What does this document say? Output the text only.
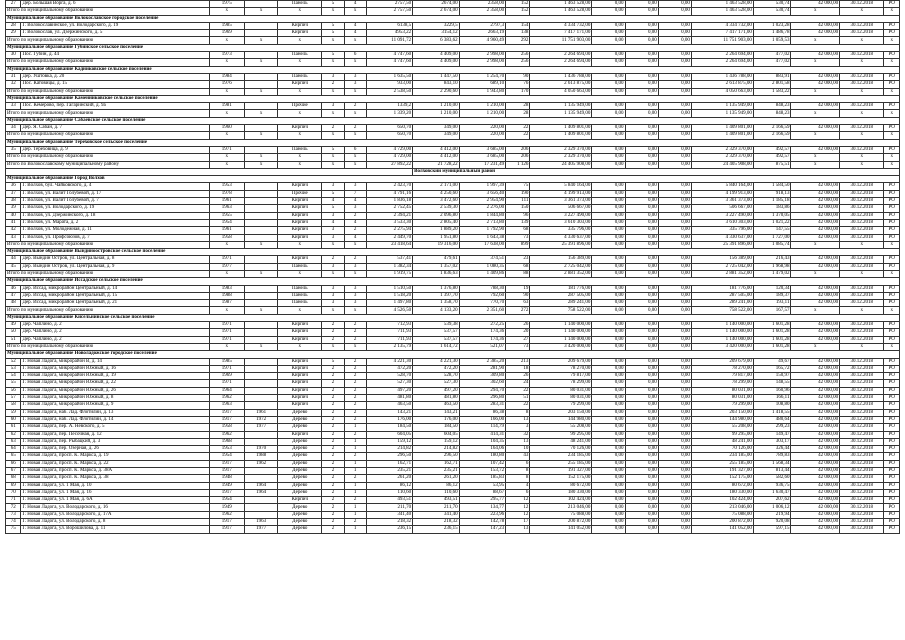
27	Дер. Большая Ворга, д. 6	1975		Панель	5	4	2757,50	2674,00	2358,00	152	1 463 528,00	0,00	0,00	0,00	1 463 528,00	530,74	42 000,00	30.12.2018	РО
Итого по муниципальному образованию		x	x	x	x	x	2 757,50	2 674,00	2 358,00	152	1 463 528,00	0,00	0,00	0,00	1 463 528,00	530,74	x	x	x
Муниципальное образование Волокославское городское поселение																			
28	Г. Волокославинское, ул. Володарского, д. 19	1985		Кирпич	5	4	6138,5	3229,5	2797,3	154	4 334 732,00	0,00	0,00	0,00	4 334 732,00	1 023,28	42 000,00	30.12.2018	РО
29	Г. Волокослав, ул. Дзержинского, д. 5	1969		Кирпич	5	4	4953,22	3154,12	2663,19	138	7 417 171,00	0,00	0,00	0,00	7 417 171,00	1 486,78	42 000,00	30.12.2018	РО
Итого по муниципальному образованию		x	x	x	x	x	11 091,72	6 383,62	4 960,49	292	11 751 903,00	0,00	0,00	0,00	11 751 903,00	1 059,53	x	x	x
Муниципальное образование Губинское сельское поселение																			
30	Пос. Губин, д. 44	1973		Панель	5	6	4 747,60	4 409,00	2 998,00	256	2 264 694,00	0,00	0,00	0,00	2 264 694,00	477,02	42 000,00	30.12.2018	РО
Итого по муниципальному образованию		x	x	x	x	x	4 747,60	4 409,00	2 998,00	256	2 264 694,00	0,00	0,00	0,00	2 264 694,00	477,02	x	x	x
Муниципальное образование Кадниковское сельское поселение																			
31	Дер. Уштовка, д. 20	1984		Панель	3	3	1 635,50	1 447,50	1 254,70	90	1 436 788,00	0,00	0,00	0,00	1 436 788,00	883,91	42 000,00	30.12.2018	РО
32	Пос. Катовицы, д. 15	1976		Кирпич	2	3	933,00	843,10	689,10	76	2 613 875,00	0,00	0,00	0,00	2 613 875,00	2 801,58	42 000,00	30.12.2018	РО
Итого по муниципальному образованию		x	x	x	x	x	2 538,50	2 290,60	1 943,80	170	4 050 663,00	0,00	0,00	0,00	4 050 663,00	1 583,22	x	x	x
Муниципальное образование Каменниковское сельское поселение																			
33	Пос. Кемерово, пер. Гагаринский, д. 9а	1981		Прочие	3	2	1339,2	1 210,00	1 210,00	28	1 135 949,00	0,00	0,00	0,00	1 135 949,00	848,23	42 000,00	30.12.2018	РО
Итого по муниципальному образованию		x	x	x	x	x	1 339,20	1 210,00	1 210,00	28	1 135 949,00	0,00	0,00	0,00	1 135 949,00	848,23	x	x	x
Муниципальное образование Сабаевское сельское поселение																			
34	Дер. Я. Сабан, д. 7	1960		Кирпич	2	2	650,70	349,00	220,00	22	1 409 801,00	0,00	0,00	0,00	1 409 801,00	2 166,59	42 000,00	30.12.2018	РО
Итого по муниципальному образованию		x	x	x	x	x	650,70	349,00	220,00	22	1 409 801,00	0,00	0,00	0,00	1 409 801,00	2 166,59	x	x	x
Муниципальное образование Тереховское сельское поселение																			
35	Дер. Тереховица, д. 9	1971		Панель	5	6	4 729,00	4 412,00	3 685,00	206	2 329 370,00	0,00	0,00	0,00	2 329 370,00	492,57	42 000,00	30.12.2018	РО
Итого по муниципальному образованию		x	x	x	x	x	4 729,00	4 412,00	3 685,00	206	2 329 370,00	0,00	0,00	0,00	2 329 370,00	492,57	x	x	x
Итого по Волокославскому муниципальному району		x	x	x	x	x	27 892,22	21 728,22	17 231,49	1 126	24 405 908,00	0,00	0,00	0,00	24 405 908,00	875,51	x	x	x
								Волховский муниципальный район											
Муниципальное образование Город Волхов																			
36	Г. Волхов, бул. Чайковского, д. 4	1953		Кирпич	3	3	2 423,70	2 171,00	1 997,39	75	5 840 164,00	0,00	0,00	0,00	5 840 164,00	1 584,50	42 000,00	30.12.2018	РО
37	Г. Волхов, ул. Валит Голубевой, д. 17	1978		Прочие	5	7	4 791,16	4 250,60	3 656,40	190	4 199 913,00	0,00	0,00	0,00	4 199 913,00	918,13	42 000,00	30.12.2018	РО
38	Г. Волхов, ул. Валит Голубевой, д. 7	1961		Кирпич	4	4	1 836,18	3 472,60	2 954,90	111	3 361 373,00	0,00	0,00	0,00	3 361 373,00	1 185,18	42 000,00	30.12.2018	РО
39	Г. Волхов, ул. Володарского, д. 19	1963		Кирпич	5	3	2 752,45	2 539,30	2 276,00	150	506 667,00	0,00	0,00	0,00	506 667,00	183,86	42 000,00	30.12.2018	РО
40	Г. Волхов, ул. Дзержинского, д. 18	1955		Кирпич	3	2	2 394,21	2 096,80	1 844,80	96	3 227 490,00	0,00	0,00	0,00	3 227 490,00	1 370,05	42 000,00	30.12.2018	РО
41	Г. Волхов, ул. Марата, д. 2	1954		Кирпич	4	4	3 533,30	2 805,40	2 713,80	139	3 610 303,00	0,00	0,00	0,00	3 610 303,00	1 021,22	42 000,00	30.12.2018	РО
42	Г. Волхов, ул. Молодежная, д. 11	1961		Кирпич	3	2	2 275,94	1 889,20	1 792,90	68	335 796,00	0,00	0,00	0,00	335 796,00	147,55	42 000,00	30.12.2018	РО
43	Г. Волхов, ул. Профсоюзов, д. 7	1958		Кирпич	3	4	2 449,70	1 951,80	1 643,38	73	4 330 637,00	0,00	0,00	0,00	4 330 637,00	1 727,00	42 000,00	30.12.2018	РО
Итого по муниципальному образованию		x	x	x	x	x	23 418,64	19 316,00	17 638,00	899	25 391 896,00	0,00	0,00	0,00	25 391 896,00	1 085,74	x	x	x
Муниципальное образование Вындиноостровское сельское поселение																			
44	Дер. Вындин Остров, ул. Центральная, д. 8	1971		Кирпич	2	2	537,41	479,61	374,51	23	156 389,00	0,00	0,00	0,00	156 389,00	216,43	42 000,00	30.12.2018	РО
45	Дер. Вындин Остров, ул. Центральная, д. 9	1977		Панель	3	3	1 382,34	1 357,02	1 080,35	68	2 725 042,00	0,00	0,00	0,00	2 725 042,00	1 968,98	42 000,00	30.12.2018	РО
Итого по муниципальному образованию		x	x	x	x	x	1 919,75	1 836,63	1 409,86	88	2 881 352,00	0,00	0,00	0,00	2 881 352,00	1 479,02	x	x	x
Муниципальное образование Иссадское сельское поселение																			
46	Дер. Иссад, микрорайон Центральный, д. 14	1983		Панель	3	3	1 510,50	1 376,80	788,30	19	181 776,00	0,00	0,00	0,00	181 776,00	120,34	42 000,00	30.12.2018	РО
47	Дер. Иссад, микрорайон Центральный, д. 15	1988		Панель	3	3	1 518,20	1 397,70	792,60	90	287 505,00	0,00	0,00	0,00	287 505,00	189,37	42 000,00	30.12.2018	РО
48	Дер. Иссад, микрорайон Центральный, д. 21	1987		Панель	3	3	1 497,80	1 358,70	770,70	63	289 241,00	0,00	0,00	0,00	289 241,00	193,11	42 000,00	30.12.2018	РО
Итого по муниципальному образованию		x	x	x	x	x	4 526,50	4 133,20	2 351,60	272	758 522,00	0,00	0,00	0,00	758 522,00	167,57	x	x	x
Муниципальное образование Кисельнинское сельское поселение																			
49	Дер. Чаплино, д. 2	1971		Кирпич	2	2	712,93	539,38	272,25	26	1 140 000,00	0,00	0,00	0,00	1 140 000,00	1 601,28	42 000,00	30.12.2018	РО
50	Дер. Чаплино, д. 2	1971		Кирпич	2	2	711,93	537,57	174,36	20	1 140 000,00	0,00	0,00	0,00	1 140 000,00	1 601,28	42 000,00	30.12.2018	РО
51	Дер. Чаплино, д. 2	1971		Кирпич	2	2	711,93	537,57	174,36	27	1 140 000,00	0,00	0,00	0,00	1 140 000,00	1 601,28	42 000,00	30.12.2018	РО
Итого по муниципальному образованию		x	x	x	x	x	2 135,79	1 614,72	521,07	73	3 420 000,00	0,00	0,00	0,00	3 420 000,00	1 601,28	x	x	x
Муниципальное образование Новоладожское городское поселение																			
52	Г. Новая Ладога, микрорайон В, д. 14	1985		Кирпич	5	2	4 221,30	4 221,30	2 385,20	213	209 679,00	0,00	0,00	0,00	209 679,00	49,67	42 000,00	30.12.2018	РО
53	Г. Новая Ладога, микрорайон Южный, д. 16	1971		Кирпич	2	2	472,20	472,20	281,90	18	78 270,00	0,00	0,00	0,00	78 270,00	165,72	42 000,00	30.12.2018	РО
54	Г. Новая Ладога, микрорайон Южный, д. 19	1969		Кирпич	2	2	528,70	528,70	309,80	26	79 817,00	0,00	0,00	0,00	79 817,00	150,97	42 000,00	30.12.2018	РО
55	Г. Новая Ладога, микрорайон Южный, д. 22	1971		Кирпич	2	2	527,30	527,30	302,60	24	78 299,00	0,00	0,00	0,00	78 299,00	148,55	42 000,00	30.12.2018	РО
56	Г. Новая Ладога, микрорайон Южный, д. 26	1964		Кирпич	2	2	497,20	497,20	294,70	22	80 031,00	0,00	0,00	0,00	80 031,00	160,96	42 000,00	30.12.2018	РО
57	Г. Новая Ладога, микрорайон Южный, д. 8	1962		Кирпич	2	2	481,80	481,80	296,80	51	80 031,00	0,00	0,00	0,00	80 031,00	166,11	42 000,00	30.12.2018	РО
58	Г. Новая Ладога, микрорайон Южный, д. 9	1963		Кирпич	2	2	463,50	463,50	283,31	22	79 299,00	0,00	0,00	0,00	79 299,00	108,80	42 000,00	30.12.2018	РО
59	Г. Новая Ладога, наб. Лад. Флотилии, д. 13	1917	1961	Дерево	2	2	143,21	143,21	86,38	8	203 150,00	0,00	0,00	0,00	203 150,00	1 418,55	42 000,00	30.12.2018	РО
60	Г. Новая Ладога, наб. Лад. Флотилии, д. 14	1917	1972	Дерево	2	2	176,00	176,00	166,00	13	144 980,00	0,00	0,00	0,00	144 980,00	480,64	42 000,00	30.12.2018	РО
61	Г. Новая Ладога, пер. А. Невского, д. 5	1958	1977	Дерево	2	1	184,50	184,50	114,79	3	55 208,00	0,00	0,00	0,00	55 208,00	299,23	42 000,00	30.12.2018	РО
62	Г. Новая Ладога, пер. Песочная, д. 12	1962		Кирпич	2	2	604,05	604,05	414,31	32	99 295,00	0,00	0,00	0,00	99 295,00	149,47	42 000,00	30.12.2018	РО
63	Г. Новая Ладога, пер. Рыбацкий, д. 3	1968		Дерево	2	1	159,12	159,12	104,35	13	48 241,00	0,00	0,00	0,00	48 241,00	303,17	42 000,00	30.12.2018	РО
64	Г. Новая Ладога, пер. Озерная, д. 26	1953	1970	Дерево	2	1	214,82	214,82	164,06	10	70 126,00	0,00	0,00	0,00	70 126,00	326,44	42 000,00	30.12.2018	РО
65	Г. Новая Ладога, просп. К. Маркса, д. 19	1954	1988	Дерево	2	2	296,50	296,50	180,80	43	234 185,00	0,00	0,00	0,00	234 185,00	789,83	42 000,00	30.12.2018	РО
66	Г. Новая Ладога, просп. К. Маркса, д. 22	1917	1962	Дерево	2	1	162,71	162,71	107,42	6	255 185,00	0,00	0,00	0,00	255 185,00	1 568,34	42 000,00	30.12.2018	РО
67	Г. Новая Ладога, просп. К. Маркса, д. 38А	1917		Дерево	2	1	235,21	235,21	153,72	8	191 327,00	0,00	0,00	0,00	191 327,00	813,44	42 000,00	30.12.2018	РО
68	Г. Новая Ладога, просп. К. Маркса, д. 38	1948		Дерево	2	2	261,20	261,20	185,83	8	152 175,00	0,00	0,00	0,00	152 175,00	582,60	42 000,00	30.12.2018	РО
69	Г. Новая Ладога, ул. 1 Мая, д. 10	1949	1964	Дерево	2	1	86,12	86,12	53,95	4	80 672,00	0,00	0,00	0,00	80 672,00	936,75	42 000,00	30.12.2018	РО
70	Г. Новая Ладога, ул. 1 Мая, д. 16	1917	1964	Дерево	2	1	110,60	110,60	88,67	6	180 330,00	0,00	0,00	0,00	180 330,00	1 630,47	42 000,00	30.12.2018	РО
71	Г. Новая Ладога, ул. 1 Мая, д. 6А	1954		Кирпич	2	2	493,51	493,51	295,77	12	102 424,00	0,00	0,00	0,00	102 424,00	207,62	42 000,00	30.12.2018	РО
72	Г. Новая Ладога, ул. Володарского, д. 16	1949		Дерево	2	1	211,70	211,70	134,77	12	213 046,00	0,00	0,00	0,00	213 046,00	1 006,12	42 000,00	30.12.2018	РО
73	Г. Новая Ладога, ул. Володарского, д. 17А	1962		Дерево	2	1	341,40	341,40	223,96	12	75 088,00	0,00	0,00	0,00	75 088,00	219,94	42 000,00	30.12.2018	РО
74	Г. Новая Ладога, ул. Володарского, д. 8	1917	1963	Дерево	2	2	218,32	218,32	142,78	17	200 872,00	0,00	0,00	0,00	200 872,00	920,08	42 000,00	30.12.2018	РО
75	Г. Новая Ладога, ул. Ворошилова, д. 11	1917	1977	Дерево	2	1	236,15	236,15	147,23	13	141 052,00	0,00	0,00	0,00	141 052,00	597,15	42 000,00	30.12.2018	РО
